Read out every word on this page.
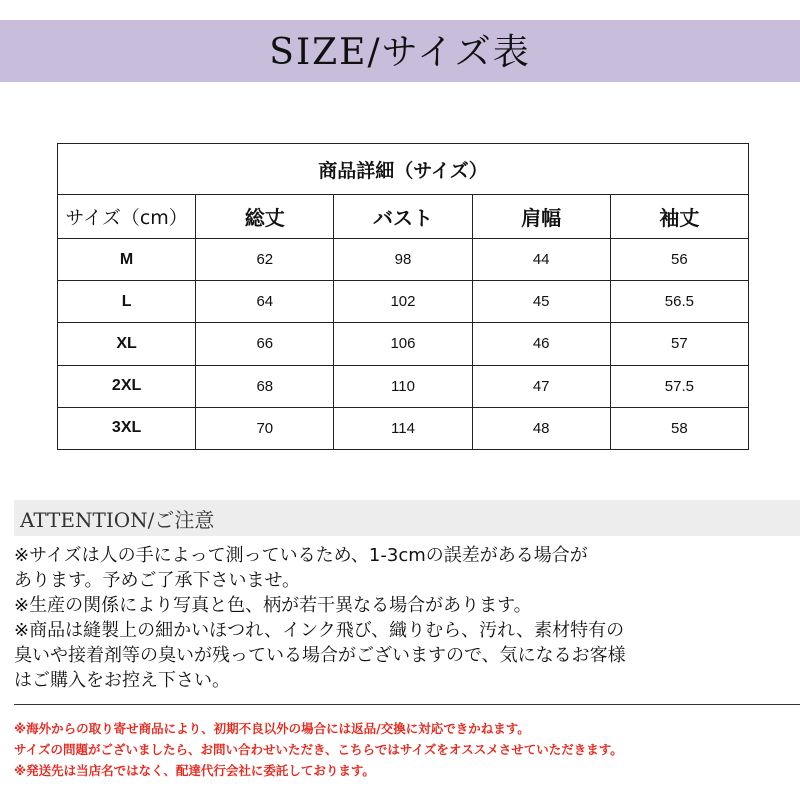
SIZE/サイズ表
商品詳細（サイズ）				
サイズ（cm）	総丈	バスト	肩幅	袖丈
M	62	98	44	56
L	64	102	45	56.5
XL	66	106	46	57
2XL	68	110	47	57.5
3XL	70	114	48	58
ATTENTION/ご注意
※サイズは人の手によって測っているため、1-3cmの誤差がある場合が
あります。予めご了承下さいませ。
※生産の関係により写真と色、柄が若干異なる場合があります。
※商品は縫製上の細かいほつれ、インク飛び、織りむら、汚れ、素材特有の
臭いや接着剤等の臭いが残っている場合がございますので、気になるお客様
はご購入をお控え下さい。
※海外からの取り寄せ商品により、初期不良以外の場合には返品/交換に対応できかねます。
サイズの問題がございましたら、お問い合わせいただき、こちらではサイズをオススメさせていただきます。
※発送先は当店名ではなく、配達代行会社に委託しております。
